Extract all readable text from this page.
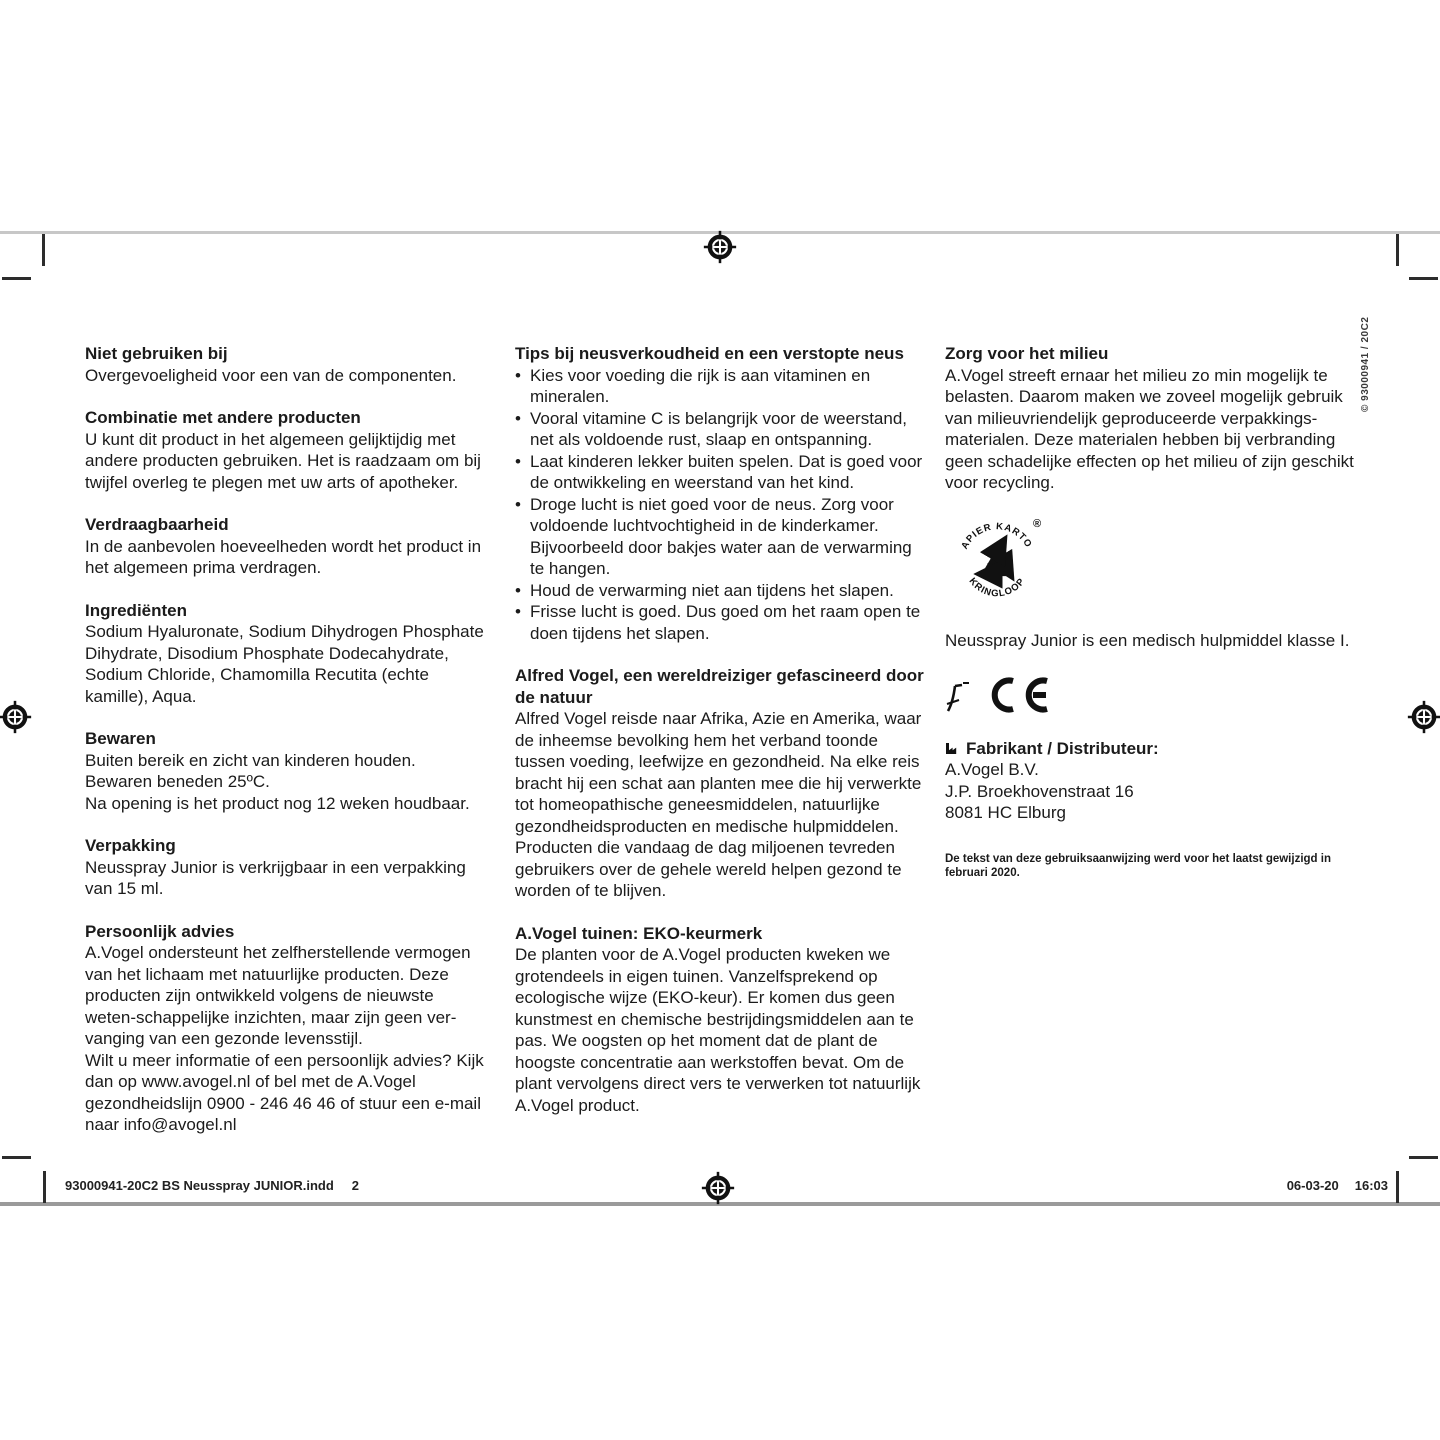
© 93000941 / 20C2
93000941-20C2 BS Neusspray JUNIOR.indd 2	06-03-20 16:03
Niet gebruiken bij

Overgevoeligheid voor een van de componenten.

Combinatie met andere producten

U kunt dit product in het algemeen gelijktijdig met andere producten gebruiken. Het is raadzaam om bij twijfel overleg te plegen met uw arts of apotheker.

Verdraagbaarheid

In de aanbevolen hoeveelheden wordt het product in het algemeen prima verdragen.

Ingrediënten

Sodium Hyaluronate, Sodium Dihydrogen Phosphate Dihydrate, Disodium Phosphate Dodecahydrate, Sodium Chloride, Chamomilla Recutita (echte kamille), Aqua.

Bewaren

Buiten bereik en zicht van kinderen houden.

Bewaren beneden 25ºC.

Na opening is het product nog 12 weken houdbaar.

Verpakking

Neusspray Junior is verkrijgbaar in een verpakking van 15 ml.

Persoonlijk advies

A.Vogel ondersteunt het zelfherstellende vermogen van het lichaam met natuurlijke producten. Deze producten zijn ontwikkeld volgens de nieuwste weten-schappelijke inzichten, maar zijn geen ver-vanging van een gezonde levensstijl.

Wilt u meer informatie of een persoonlijk advies? Kijk dan op www.avogel.nl of bel met de A.Vogel gezondheidslijn 0900 - 246 46 46 of stuur een e-mail naar info@avogel.nl

Tips bij neusverkoudheid en een verstopte neus
• Kies voor voeding die rijk is aan vitaminen en mineralen.
• Vooral vitamine C is belangrijk voor de weerstand, net als voldoende rust, slaap en ontspanning.
• Laat kinderen lekker buiten spelen. Dat is goed voor de ontwikkeling en weerstand van het kind.
• Droge lucht is niet goed voor de neus. Zorg voor voldoende luchtvochtigheid in de kinderkamer. Bijvoorbeeld door bakjes water aan de verwarming te hangen.
• Houd de verwarming niet aan tijdens het slapen.
• Frisse lucht is goed. Dus goed om het raam open te doen tijdens het slapen.
Alfred Vogel, een wereldreiziger gefascineerd door de natuur

Alfred Vogel reisde naar Afrika, Azie en Amerika, waar de inheemse bevolking hem het verband toonde tussen voeding, leefwijze en gezondheid. Na elke reis bracht hij een schat aan planten mee die hij verwerkte tot homeopathische geneesmiddelen, natuurlijke gezondheidsproducten en medische hulpmiddelen. Producten die vandaag de dag miljoenen tevreden gebruikers over de gehele wereld helpen gezond te worden of te blijven.

A.Vogel tuinen: EKO-keurmerk

De planten voor de A.Vogel producten kweken we grotendeels in eigen tuinen. Vanzelfsprekend op ecologische wijze (EKO-keur). Er komen dus geen kunstmest en chemische bestrijdingsmiddelen aan te pas. We oogsten op het moment dat de plant de hoogste concentratie aan werkstoffen bevat. Om de plant vervolgens direct vers te verwerken tot natuurlijk A.Vogel product.

Zorg voor het milieu

A.Vogel streeft ernaar het milieu zo min mogelijk te belasten. Daarom maken we zoveel mogelijk gebruik van milieuvriendelijk geproduceerde verpakkings-materialen. Deze materialen hebben bij verbranding geen schadelijke effecten op het milieu of zijn geschikt voor recycling.

PAPIER KARTON
KRINGLOOP
®

Neusspray Junior is een medisch hulpmiddel klasse I.

Fabrikant / Distributeur:

A.Vogel B.V.

J.P. Broekhovenstraat 16

8081 HC Elburg

De tekst van deze gebruiksaanwijzing werd voor het laatst gewijzigd in februari 2020.
